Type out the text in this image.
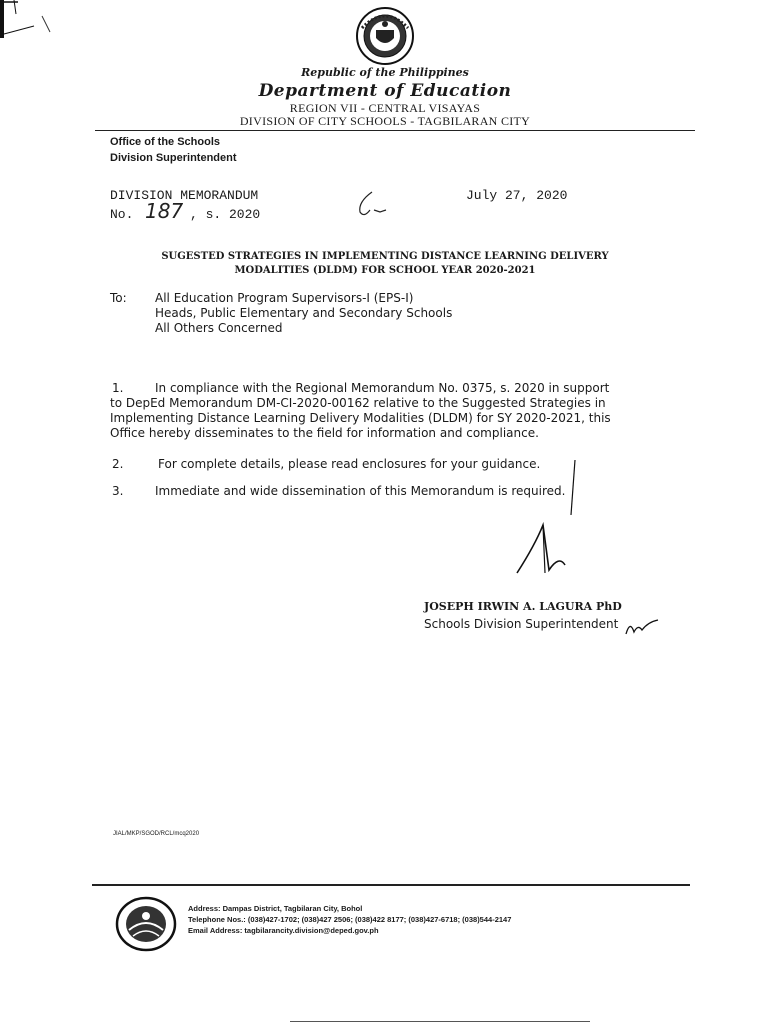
Republic of the Philippines
Department of Education
REGION VII - CENTRAL VISAYAS
DIVISION OF CITY SCHOOLS - TAGBILARAN CITY
Office of the Schools
Division Superintendent
DIVISION MEMORANDUM	July 27, 2020
No. 187 , s. 2020
SUGESTED STRATEGIES IN IMPLEMENTING DISTANCE LEARNING DELIVERY
MODALITIES (DLDM) FOR SCHOOL YEAR 2020-2021
To: All Education Program Supervisors-I (EPS-I)
Heads, Public Elementary and Secondary Schools
All Others Concerned
1.	In compliance with the Regional Memorandum No. 0375, s. 2020 in support
to DepEd Memorandum DM-CI-2020-00162 relative to the Suggested Strategies in
Implementing Distance Learning Delivery Modalities (DLDM) for SY 2020-2021, this
Office hereby disseminates to the field for information and compliance.
2.	For complete details, please read enclosures for your guidance.
3.	Immediate and wide dissemination of this Memorandum is required.
JOSEPH IRWIN A. LAGURA PhD
Schools Division Superintendent
JIAL/MKP/SGOD/RCL/mcq2020
Address: Dampas District, Tagbilaran City, Bohol
Telephone Nos.: (038)427-1702; (038)427 2506; (038)422 8177; (038)427-6718; (038)544-2147
Email Address: tagbilarancity.division@deped.gov.ph
